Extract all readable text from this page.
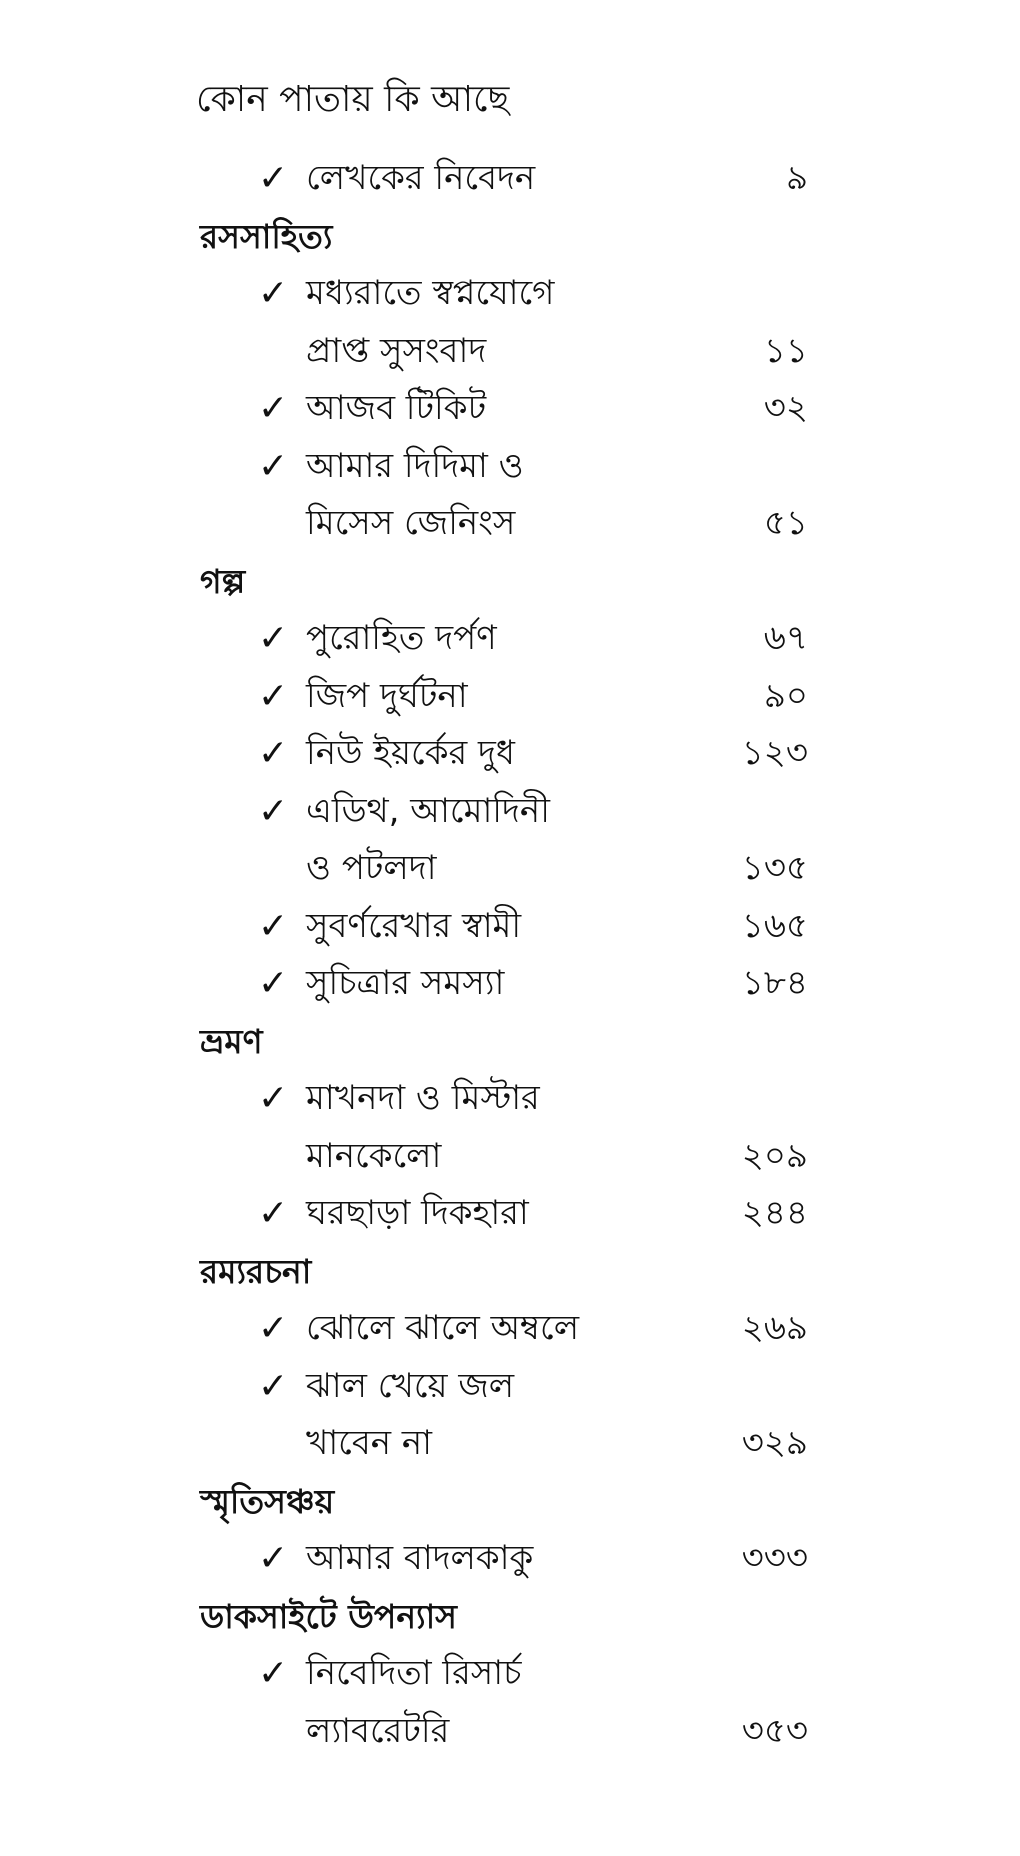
কোন পাতায় কি আছে
✓ লেখকের নিবেদন	৯
রসসাহিত্য
✓ মধ্যরাতে স্বপ্নযোগে
প্রাপ্ত সুসংবাদ	১১
✓ আজব টিকিট	৩২
✓ আমার দিদিমা ও
মিসেস জেনিংস	৫১
গল্প
✓ পুরোহিত দর্পণ	৬৭
✓ জিপ দুর্ঘটনা	৯০
✓ নিউ ইয়র্কের দুধ	১২৩
✓ এডিথ, আমোদিনী
ও পটলদা	১৩৫
✓ সুবর্ণরেখার স্বামী	১৬৫
✓ সুচিত্রার সমস্যা	১৮৪
ভ্রমণ
✓ মাখনদা ও মিস্টার
মানকেলো	২০৯
✓ ঘরছাড়া দিকহারা	২৪৪
রম্যরচনা
✓ ঝোলে ঝালে অম্বলে	২৬৯
✓ ঝাল খেয়ে জল
খাবেন না	৩২৯
স্মৃতিসঞ্চয়
✓ আমার বাদলকাকু	৩৩৩
ডাকসাইটে উপন্যাস
✓ নিবেদিতা রিসার্চ
ল্যাবরেটরি	৩৫৩
